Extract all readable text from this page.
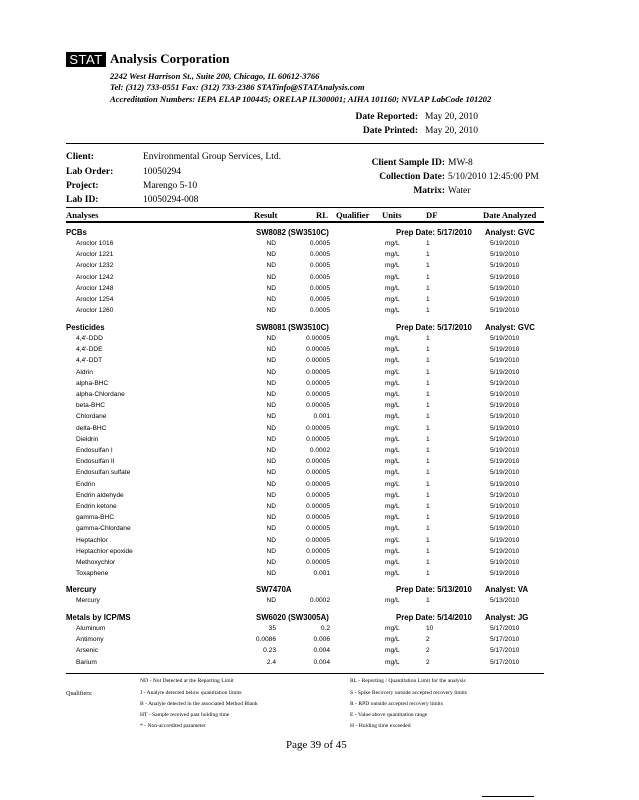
STAT Analysis Corporation
2242 West Harrison St., Suite 200, Chicago, IL 60612-3766
Tel: (312) 733-0551 Fax: (312) 733-2386 STATinfo@STATAnalysis.com
Accreditation Numbers: IEPA ELAP 100445; ORELAP IL300001; AIHA 101160; NVLAP LabCode 101202
Date Reported: May 20, 2010
Date Printed: May 20, 2010
Client:	Environmental Group Services, Ltd.
Lab Order:	10050294
Project:	Marengo 5-10
Lab ID:	10050294-008
Client Sample ID: MW-8
Collection Date: 5/10/2010 12:45:00 PM
Matrix: Water
Analyses	Result	RL Qualifier Units	DF	Date Analyzed
PCBs	SW8082 (SW3510C)	Prep Date: 5/17/2010 Analyst: GVC
Aroclor 1016	ND	0.0005	mg/L	1	5/19/2010
Aroclor 1221	ND	0.0005	mg/L	1	5/19/2010
Aroclor 1232	ND	0.0005	mg/L	1	5/19/2010
Aroclor 1242	ND	0.0005	mg/L	1	5/19/2010
Aroclor 1248	ND	0.0005	mg/L	1	5/19/2010
Aroclor 1254	ND	0.0005	mg/L	1	5/19/2010
Aroclor 1260	ND	0.0005	mg/L	1	5/19/2010
Pesticides	SW8081 (SW3510C)	Prep Date: 5/17/2010 Analyst: GVC
4,4'-DDD	ND	0.00005	mg/L	1	5/19/2010
4,4'-DDE	ND	0.00005	mg/L	1	5/19/2010
4,4'-DDT	ND	0.00005	mg/L	1	5/19/2010
Aldrin	ND	0.00005	mg/L	1	5/19/2010
alpha-BHC	ND	0.00005	mg/L	1	5/19/2010
alpha-Chlordane	ND	0.00005	mg/L	1	5/19/2010
beta-BHC	ND	0.00005	mg/L	1	5/19/2010
Chlordane	ND	0.001	mg/L	1	5/19/2010
delta-BHC	ND	0.00005	mg/L	1	5/19/2010
Dieldrin	ND	0.00005	mg/L	1	5/19/2010
Endosulfan I	ND	0.0002	mg/L	1	5/19/2010
Endosulfan II	ND	0.00005	mg/L	1	5/19/2010
Endosulfan sulfate	ND	0.00005	mg/L	1	5/19/2010
Endrin	ND	0.00005	mg/L	1	5/19/2010
Endrin aldehyde	ND	0.00005	mg/L	1	5/19/2010
Endrin ketone	ND	0.00005	mg/L	1	5/19/2010
gamma-BHC	ND	0.00005	mg/L	1	5/19/2010
gamma-Chlordane	ND	0.00005	mg/L	1	5/19/2010
Heptachlor	ND	0.00005	mg/L	1	5/19/2010
Heptachlor epoxide	ND	0.00005	mg/L	1	5/19/2010
Methoxychlor	ND	0.00005	mg/L	1	5/19/2010
Toxaphene	ND	0.001	mg/L	1	5/19/2010
Mercury	SW7470A	Prep Date: 5/13/2010 Analyst: VA
Mercury	ND	0.0002	mg/L	1	5/13/2010
Metals by ICP/MS	SW6020 (SW3005A)	Prep Date: 5/14/2010 Analyst: JG
Aluminum	35	0.2	mg/L	10	5/17/2010
Antimony	0.0086	0.006	mg/L	2	5/17/2010
Arsenic	0.23	0.004	mg/L	2	5/17/2010
Barium	2.4	0.004	mg/L	2	5/17/2010
Qualifiers:
ND - Not Detected at the Reporting Limit
J - Analyte detected below quantitation limits
B - Analyte detected in the associated Method Blank
HT - Sample received past holding time
* - Non-accredited parameter
RL - Reporting / Quantitation Limit for the analysis
S - Spike Recovery outside accepted recovery limits
R - RPD outside accepted recovery limits
E - Value above quantitation range
H - Holding time exceeded
Page 39 of 45
